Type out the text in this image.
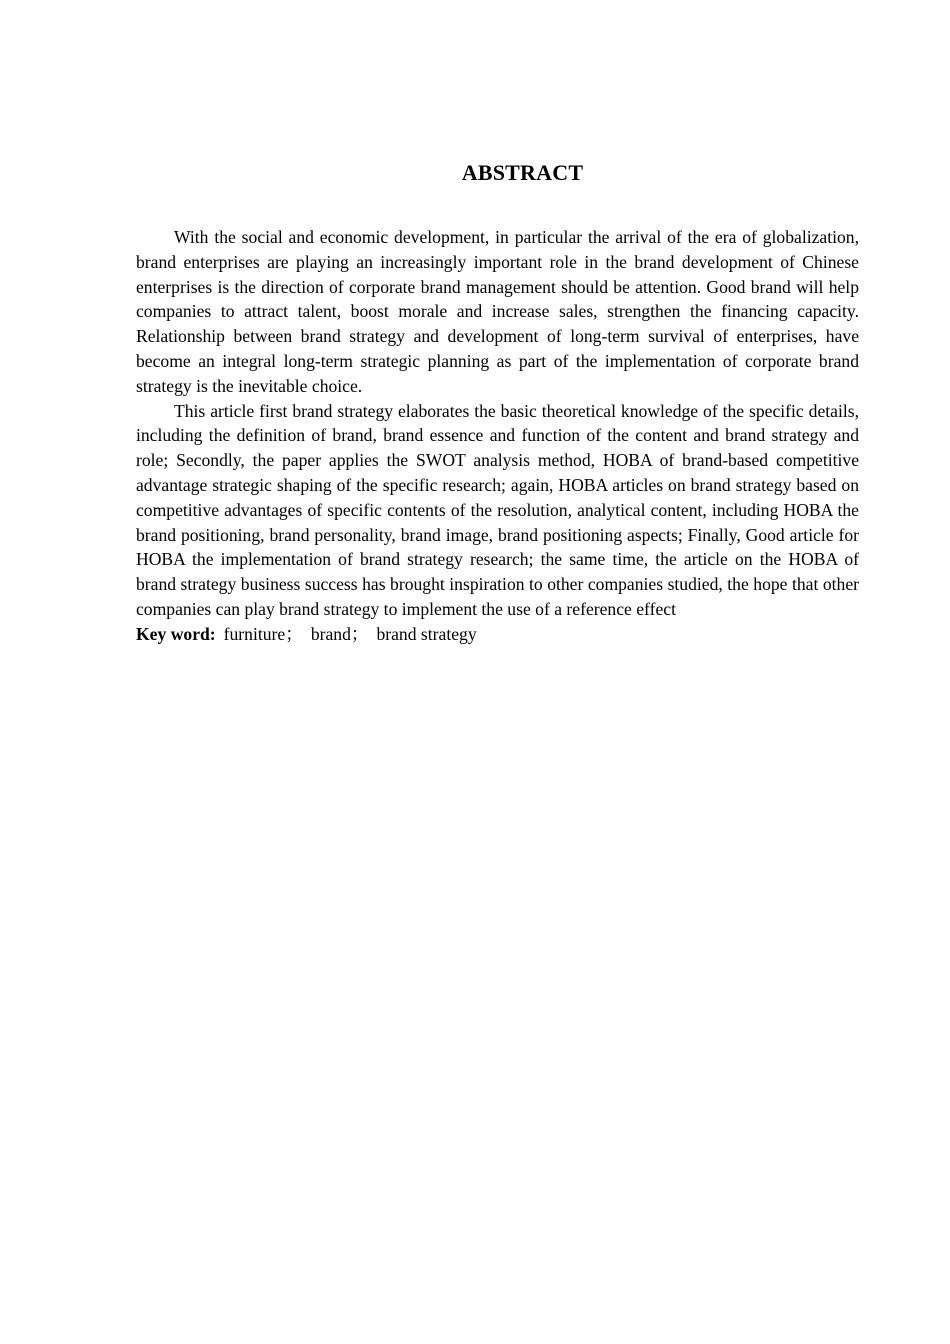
ABSTRACT

With the social and economic development, in particular the arrival of the era of globalization, brand enterprises are playing an increasingly important role in the brand development of Chinese enterprises is the direction of corporate brand management should be attention. Good brand will help companies to attract talent, boost morale and increase sales, strengthen the financing capacity. Relationship between brand strategy and development of long-term survival of enterprises, have become an integral long-term strategic planning as part of the implementation of corporate brand strategy is the inevitable choice.

This article first brand strategy elaborates the basic theoretical knowledge of the specific details, including the definition of brand, brand essence and function of the content and brand strategy and role; Secondly, the paper applies the SWOT analysis method, HOBA of brand-based competitive advantage strategic shaping of the specific research; again, HOBA articles on brand strategy based on competitive advantages of specific contents of the resolution, analytical content, including HOBA the brand positioning, brand personality, brand image, brand positioning aspects; Finally, Good article for HOBA the implementation of brand strategy research; the same time, the article on the HOBA of brand strategy business success has brought inspiration to other companies studied, the hope that other companies can play brand strategy to implement the use of a reference effect

Key word: furniture； brand； brand strategy
